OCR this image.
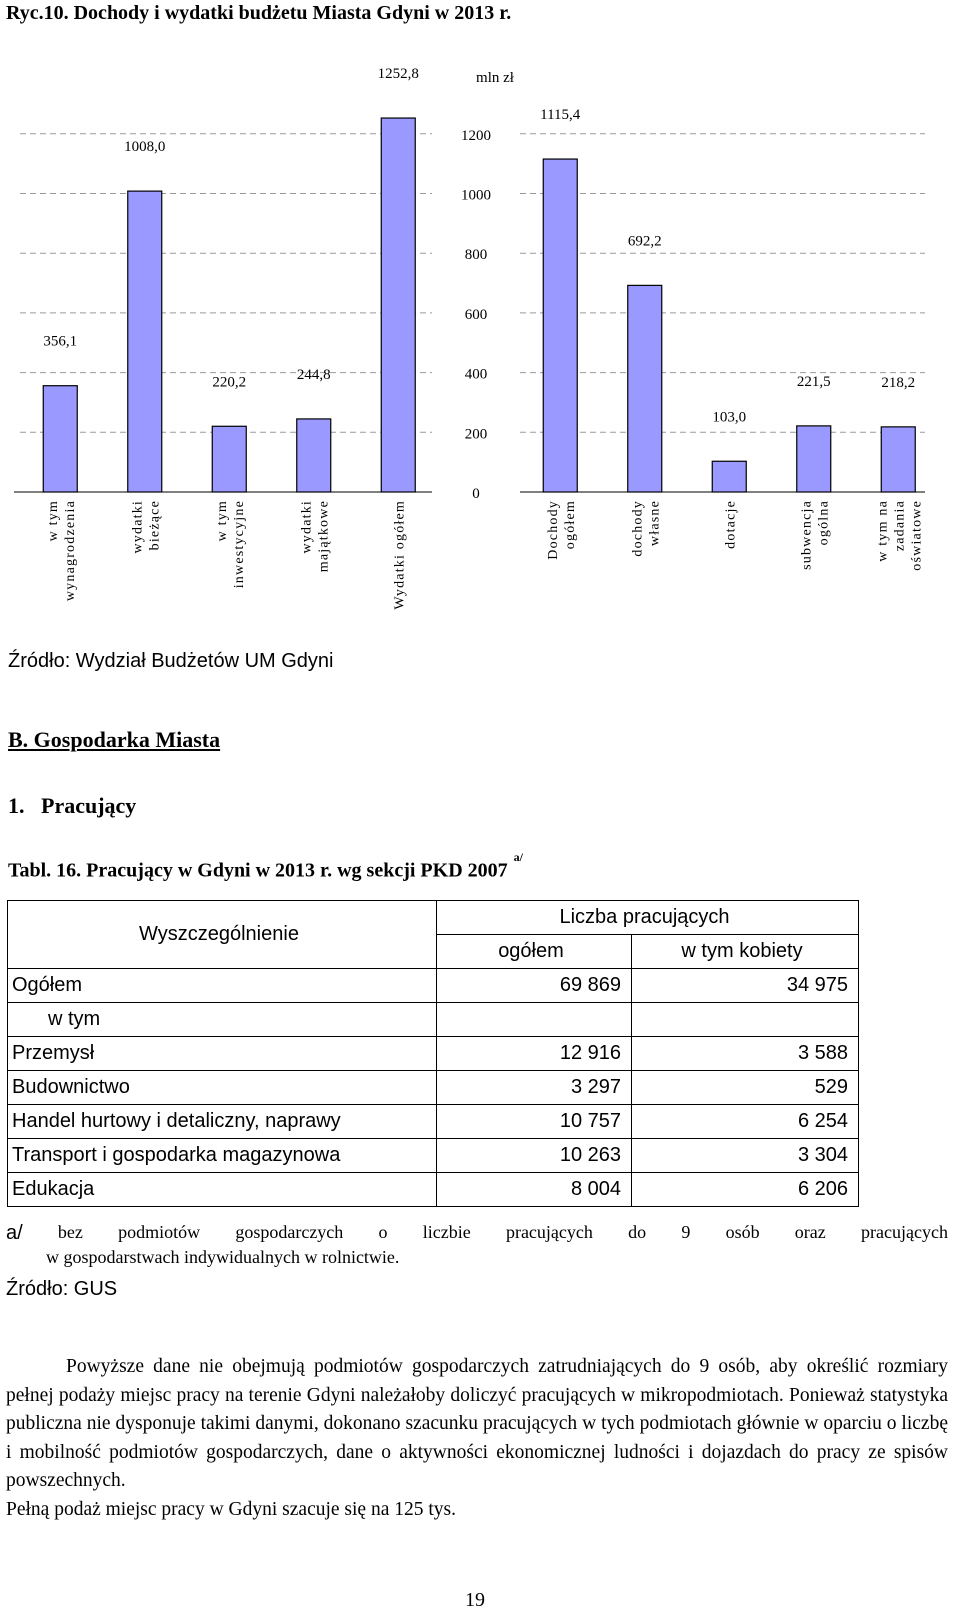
Ryc.10. Dochody i wydatki budżetu Miasta Gdyni w 2013 r.
356,1
1008,0
220,2	244,8
1252,8
1115,4
692,2
103,0
221,5	218,2
w tym wynagrodzenia	wydatki bieżące	w tym inwestycyjne	wydatki majątkowe	Wydatki ogółem	Dochody ogółem	dochody własne	dotacje	subwencja ogólna	w tym na zadania oświatowe
0
200
400
600
800
1000
1200
mln zł
Źródło: Wydział Budżetów UM Gdyni
B. Gospodarka Miasta
1.   Pracujący
Tabl. 16. Pracujący w Gdyni w 2013 r. wg sekcji PKD $2007^{a/}$
Wyszczególnienie	Liczba pracujących	
	ogółem	w tym kobiety
Ogółem	69 869	34 975
w tym		
Przemysł	12 916	3 588
Budownictwo	3 297	529
Handel hurtowy i detaliczny, naprawy	10 757	6 254
Transport i gospodarka magazynowa	10 263	3 304
Edukacja	8 004	6 206
a/ bez podmiotów gospodarczych o liczbie pracujących do 9 osób oraz pracujących
w gospodarstwach indywidualnych w rolnictwie.
Źródło: GUS

Powyższe dane nie obejmują podmiotów gospodarczych zatrudniających do 9 osób, aby określić rozmiary pełnej podaży miejsc pracy na terenie Gdyni należałoby doliczyć pracujących w mikropodmiotach. Ponieważ statystyka publiczna nie dysponuje takimi danymi, dokonano szacunku pracujących w tych podmiotach głównie w oparciu o liczbę i mobilność podmiotów gospodarczych, dane o aktywności ekonomicznej ludności i dojazdach do pracy ze spisów powszechnych.

Pełną podaż miejsc pracy w Gdyni szacuje się na 125 tys.

19
